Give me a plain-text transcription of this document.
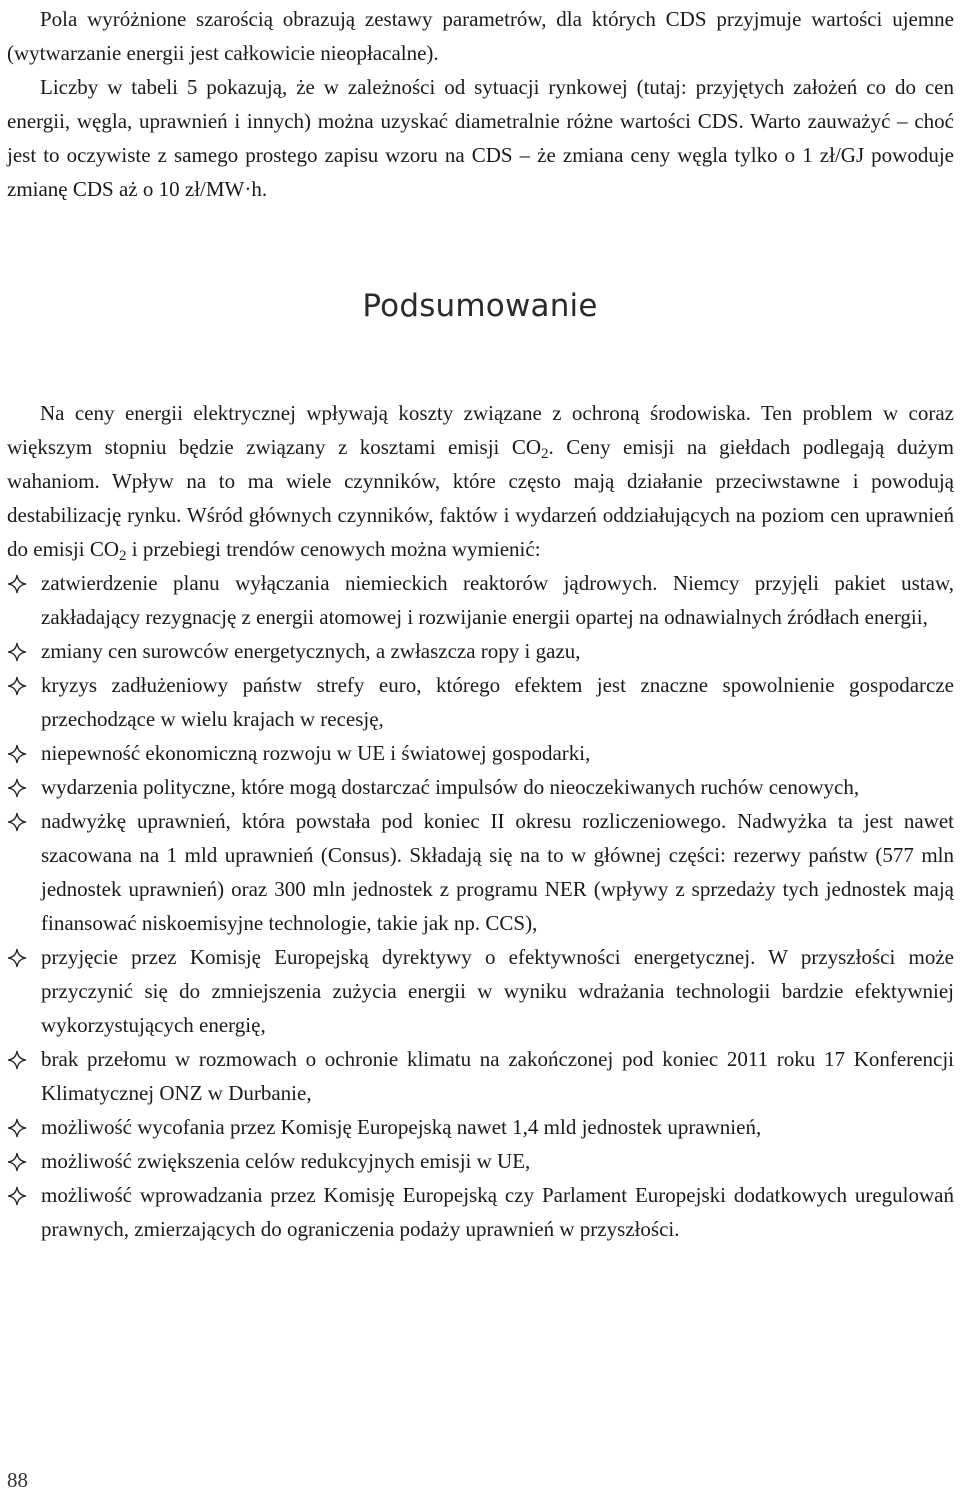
Pola wyróżnione szarością obrazują zestawy parametrów, dla których CDS przyjmuje wartości ujemne (wytwarzanie energii jest całkowicie nieopłacalne).

Liczby w tabeli 5 pokazują, że w zależności od sytuacji rynkowej (tutaj: przyjętych założeń co do cen energii, węgla, uprawnień i innych) można uzyskać diametralnie różne wartości CDS. Warto zauważyć – choć jest to oczywiste z samego prostego zapisu wzoru na CDS – że zmiana ceny węgla tylko o 1 zł/GJ powoduje zmianę CDS aż o 10 zł/MW·h.

Podsumowanie

Na ceny energii elektrycznej wpływają koszty związane z ochroną środowiska. Ten problem w coraz większym stopniu będzie związany z kosztami emisji $CO_2$. Ceny emisji na giełdach podlegają dużym wahaniom. Wpływ na to ma wiele czynników, które często mają działanie przeciwstawne i powodują destabilizację rynku. Wśród głównych czynników, faktów i wydarzeń oddziałujących na poziom cen uprawnień do emisji $CO_2$ i przebiegi trendów cenowych można wymienić:

zatwierdzenie planu wyłączania niemieckich reaktorów jądrowych. Niemcy przyjęli pakiet ustaw, zakładający rezygnację z energii atomowej i rozwijanie energii opartej na odnawialnych źródłach energii,
zmiany cen surowców energetycznych, a zwłaszcza ropy i gazu,
kryzys zadłużeniowy państw strefy euro, którego efektem jest znaczne spowolnienie gospodarcze przechodzące w wielu krajach w recesję,
niepewność ekonomiczną rozwoju w UE i światowej gospodarki,
wydarzenia polityczne, które mogą dostarczać impulsów do nieoczekiwanych ruchów cenowych,
nadwyżkę uprawnień, która powstała pod koniec II okresu rozliczeniowego. Nadwyżka ta jest nawet szacowana na 1 mld uprawnień (Consus). Składają się na to w głównej części: rezerwy państw (577 mln jednostek uprawnień) oraz 300 mln jednostek z programu NER (wpływy z sprzedaży tych jednostek mają finansować niskoemisyjne technologie, takie jak np. CCS),
przyjęcie przez Komisję Europejską dyrektywy o efektywności energetycznej. W przyszłości może przyczynić się do zmniejszenia zużycia energii w wyniku wdrażania technologii bardzie efektywniej wykorzystujących energię,
brak przełomu w rozmowach o ochronie klimatu na zakończonej pod koniec 2011 roku 17 Konferencji Klimatycznej ONZ w Durbanie,
możliwość wycofania przez Komisję Europejską nawet 1,4 mld jednostek uprawnień,
możliwość zwiększenia celów redukcyjnych emisji w UE,
możliwość wprowadzania przez Komisję Europejską czy Parlament Europejski dodatkowych uregulowań prawnych, zmierzających do ograniczenia podaży uprawnień w przyszłości.
88
